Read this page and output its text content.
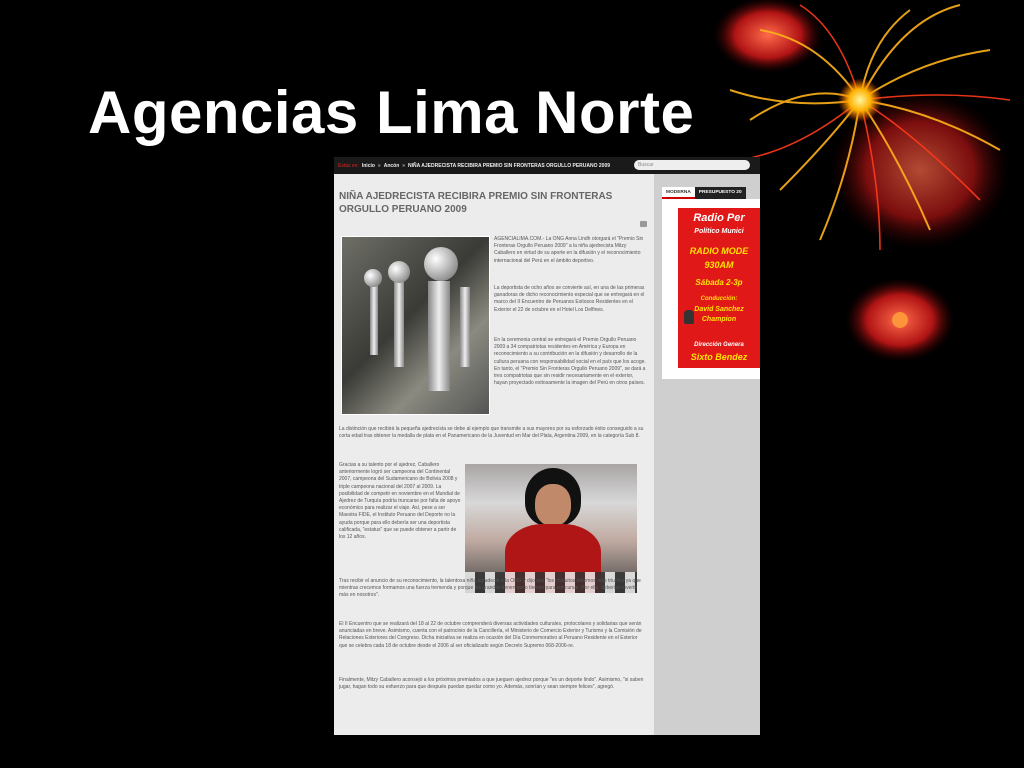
Agencias Lima Norte
Estás en: Inicio » Ancón » NIÑA AJEDRECISTA RECIBIRA PREMIO SIN FRONTERAS ORGULLO PERUANO 2009	Buscar
NIÑA AJEDRECISTA RECIBIRA PREMIO SIN FRONTERAS ORGULLO PERUANO 2009
AGENCIALIMA.COM.- La ONG Anna Lindh otorgará el "Premio Sin Fronteras Orgullo Peruano 2009" a la niña ajedrecista Mitzy Caballero en virtud de su aporte en la difusión y el reconocimiento internacional del Perú en el ámbito deportivo.
La deportista de ocho años se convierte así, en una de las primeras ganadoras de dicho reconocimiento especial que se entregará en el marco del II Encuentro de Peruanos Exitosos Residentes en el Exterior el 22 de octubre en el Hotel Los Delfines.
En la ceremonia central se entregará el Premio Orgullo Peruano 2009 a 34 compatriotas residentes en América y Europa en reconocimiento a su contribución en la difusión y desarrollo de la cultura peruana con responsabilidad social en el país que los acoge. En tanto, el "Premio Sin Fronteras Orgullo Peruano 2009", se dará a tres compatriotas que sin residir necesariamente en el exterior, hayan proyectado exitosamente la imagen del Perú en otros países.
La distinción que recibirá la pequeña ajedrecista se debe al ejemplo que transmite a sus mayores por su esforzado éxito conseguido a su corta edad tras obtener la medalla de plata en el Panamericano de la Juventud en Mar del Plata, Argentina 2009, en la categoría Sub 8.
Gracias a su talento por el ajedrez, Caballero anteriormente logró ser campeona del Continental 2007, campeona del Sudamericano de Bolivia 2008 y triple campeona nacional del 2007 al 2009. La posibilidad de competir en noviembre en el Mundial de Ajedrez de Turquía podría truncarse por falta de apoyo económico para realizar el viaje. Así, pese a ser Maestra FIDE, el Instituto Peruano del Deporte no la ayuda porque para ello debería ser una deportista calificada, "estatus" que se puede obtener a partir de los 12 años.
Tras recibir el anuncio de su reconocimiento, la talentosa niña agradeció a la ONG y dijo que "los chiquitos tenemos más triunfos ya que mientras crecemos formamos una fuerza tremenda y porque los grandes tienen poco tiempo para concursar. Por ello, deberían invertir más en nosotros".
El II Encuentro que se realizará del 18 al 22 de octubre comprenderá diversas actividades culturales, protocolares y solidarias que serán anunciadas en breve. Asimismo, cuenta con el patrocinio de la Cancillería, el Ministerio de Comercio Exterior y Turismo y la Comisión de Relaciones Exteriores del Congreso. Dicha iniciativa se realiza en ocasión del Día Conmemorativo al Peruano Residente en el Exterior que se celebra cada 18 de octubre desde el 2006 al ser oficializado según Decreto Supremo 068-2006-re.
Finalmente, Mitzy Caballero aconsejó a los próximos premiados a que jueguen ajedrez porque "es un deporte lindo". Asimismo, "si saben jugar, hagan todo su esfuerzo para que después puedan quedar como yo. Además, sonrían y sean siempre felices", agregó.
MODERNA	PRESUPUESTO 20
Radio Per
Político Munici
RADIO MODE
930AM
Sábada 2-3p
Conducción:
David Sanchez
Champion
Dirección Genera
Sixto Bendez
